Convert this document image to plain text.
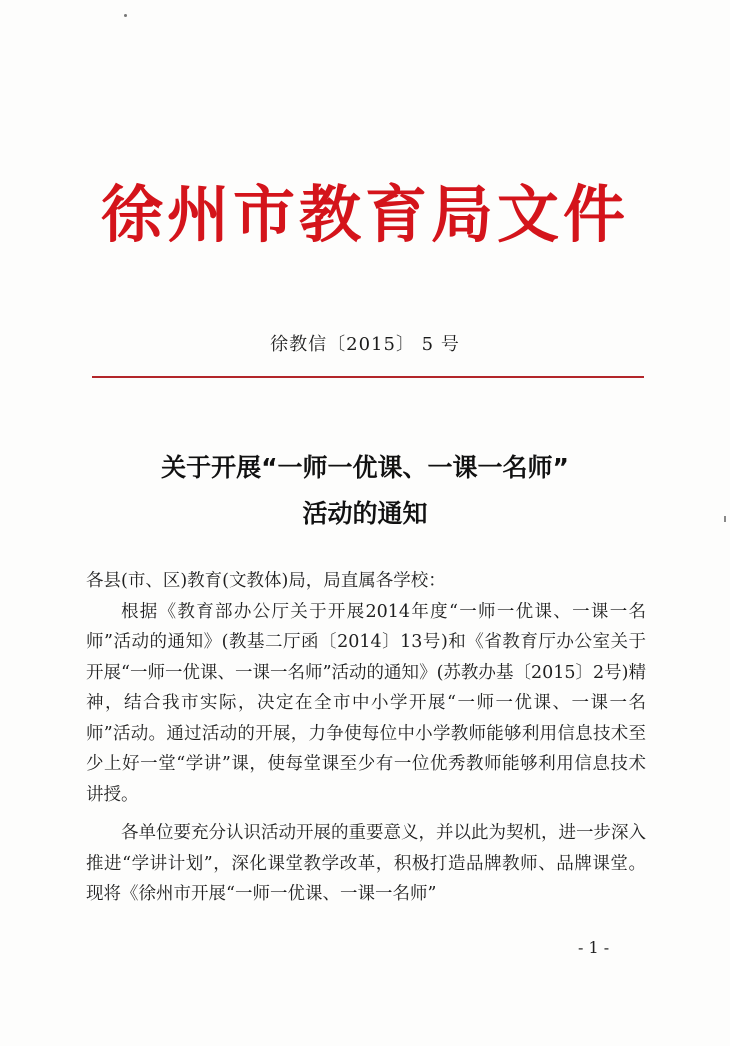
徐州市教育局文件
徐教信〔2015〕 5 号
关于开展“一师一优课、一课一名师”
活动的通知

各县(市、区)教育(文教体)局，局直属各学校：

根据《教育部办公厅关于开展2014年度“一师一优课、一课一名师”活动的通知》(教基二厅函〔2014〕13号)和《省教育厅办公室关于开展“一师一优课、一课一名师”活动的通知》(苏教办基〔2015〕2号)精神，结合我市实际，决定在全市中小学开展“一师一优课、一课一名师”活动。通过活动的开展，力争使每位中小学教师能够利用信息技术至少上好一堂“学讲”课，使每堂课至少有一位优秀教师能够利用信息技术讲授。

各单位要充分认识活动开展的重要意义，并以此为契机，进一步深入推进“学讲计划”，深化课堂教学改革，积极打造品牌教师、品牌课堂。现将《徐州市开展“一师一优课、一课一名师”

- 1 -
